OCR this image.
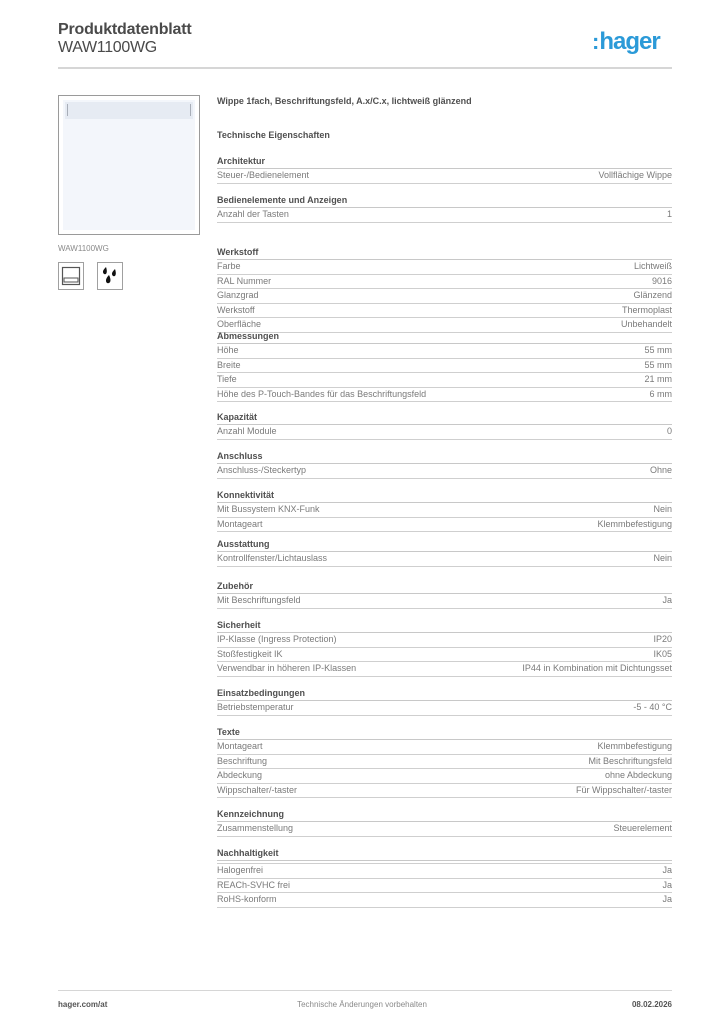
Produktdatenblatt
WAW1100WG	:hager
WAW1100WG
Wippe 1fach, Beschriftungsfeld, A.x/C.x, lichtweiß glänzend
Technische Eigenschaften
Architektur
Steuer-/Bedienelement	Vollflächige Wippe
Bedienelemente und Anzeigen
Anzahl der Tasten	1
Werkstoff
Farbe	Lichtweiß
RAL Nummer	9016
Glanzgrad	Glänzend
Werkstoff	Thermoplast
Oberfläche	Unbehandelt
Abmessungen
Höhe	55 mm
Breite	55 mm
Tiefe	21 mm
Höhe des P-Touch-Bandes für das Beschriftungsfeld	6 mm
Kapazität
Anzahl Module	0
Anschluss
Anschluss-/Steckertyp	Ohne
Konnektivität
Mit Bussystem KNX-Funk	Nein
Montageart	Klemmbefestigung
Ausstattung
Kontrollfenster/Lichtauslass	Nein
Zubehör
Mit Beschriftungsfeld	Ja
Sicherheit
IP-Klasse (Ingress Protection)	IP20
Stoßfestigkeit IK	IK05
Verwendbar in höheren IP-Klassen	IP44 in Kombination mit Dichtungsset
Einsatzbedingungen
Betriebstemperatur	-5 - 40 °C
Texte
Montageart	Klemmbefestigung
Beschriftung	Mit Beschriftungsfeld
Abdeckung	ohne Abdeckung
Wippschalter/-taster	Für Wippschalter/-taster
Kennzeichnung
Zusammenstellung	Steuerelement
Nachhaltigkeit
Halogenfrei	Ja
REACh-SVHC frei	Ja
RoHS-konform	Ja
hager.com/at	Technische Änderungen vorbehalten	08.02.2026
